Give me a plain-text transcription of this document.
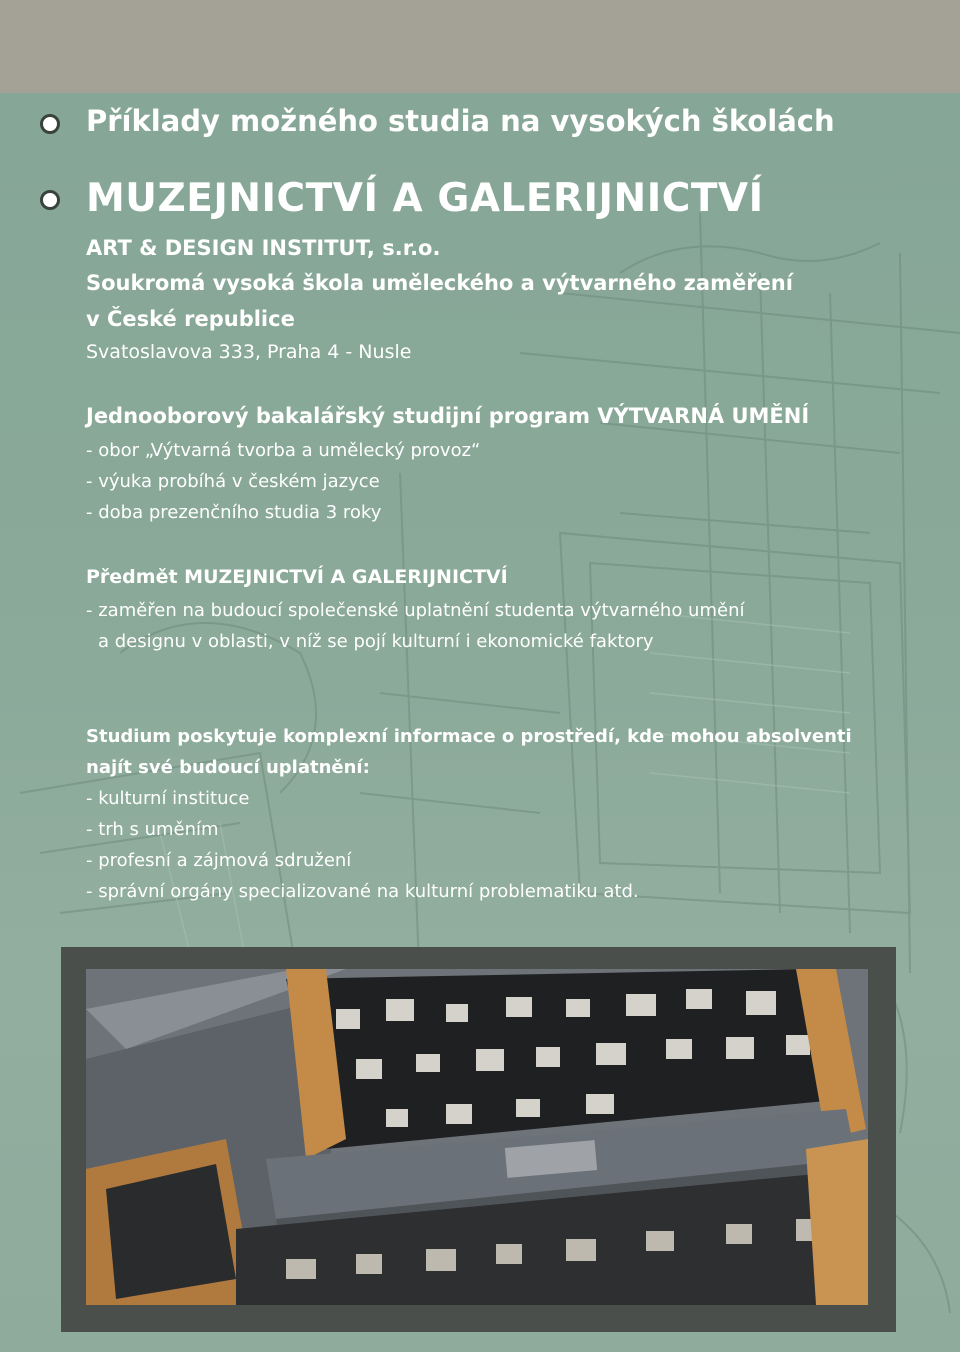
Příklady možného studia na vysokých školách
MUZEJNICTVÍ A GALERIJNICTVÍ
ART & DESIGN INSTITUT, s.r.o.
Soukromá vysoká škola uměleckého a výtvarného zaměření
v České republice
Svatoslavova 333, Praha 4 - Nusle
Jednooborový bakalářský studijní program VÝTVARNÁ UMĚNÍ
- obor „Výtvarná tvorba a umělecký provoz“
- výuka probíhá v českém jazyce
- doba prezenčního studia 3 roky
Předmět MUZEJNICTVÍ A GALERIJNICTVÍ
- zaměřen na budoucí společenské uplatnění studenta výtvarného umění
a designu v oblasti, v níž se pojí kulturní i ekonomické faktory
Studium poskytuje komplexní informace o prostředí, kde mohou absolventi
najít své budoucí uplatnění:
- kulturní instituce
- trh s uměním
- profesní a zájmová sdružení
- správní orgány specializované na kulturní problematiku atd.
